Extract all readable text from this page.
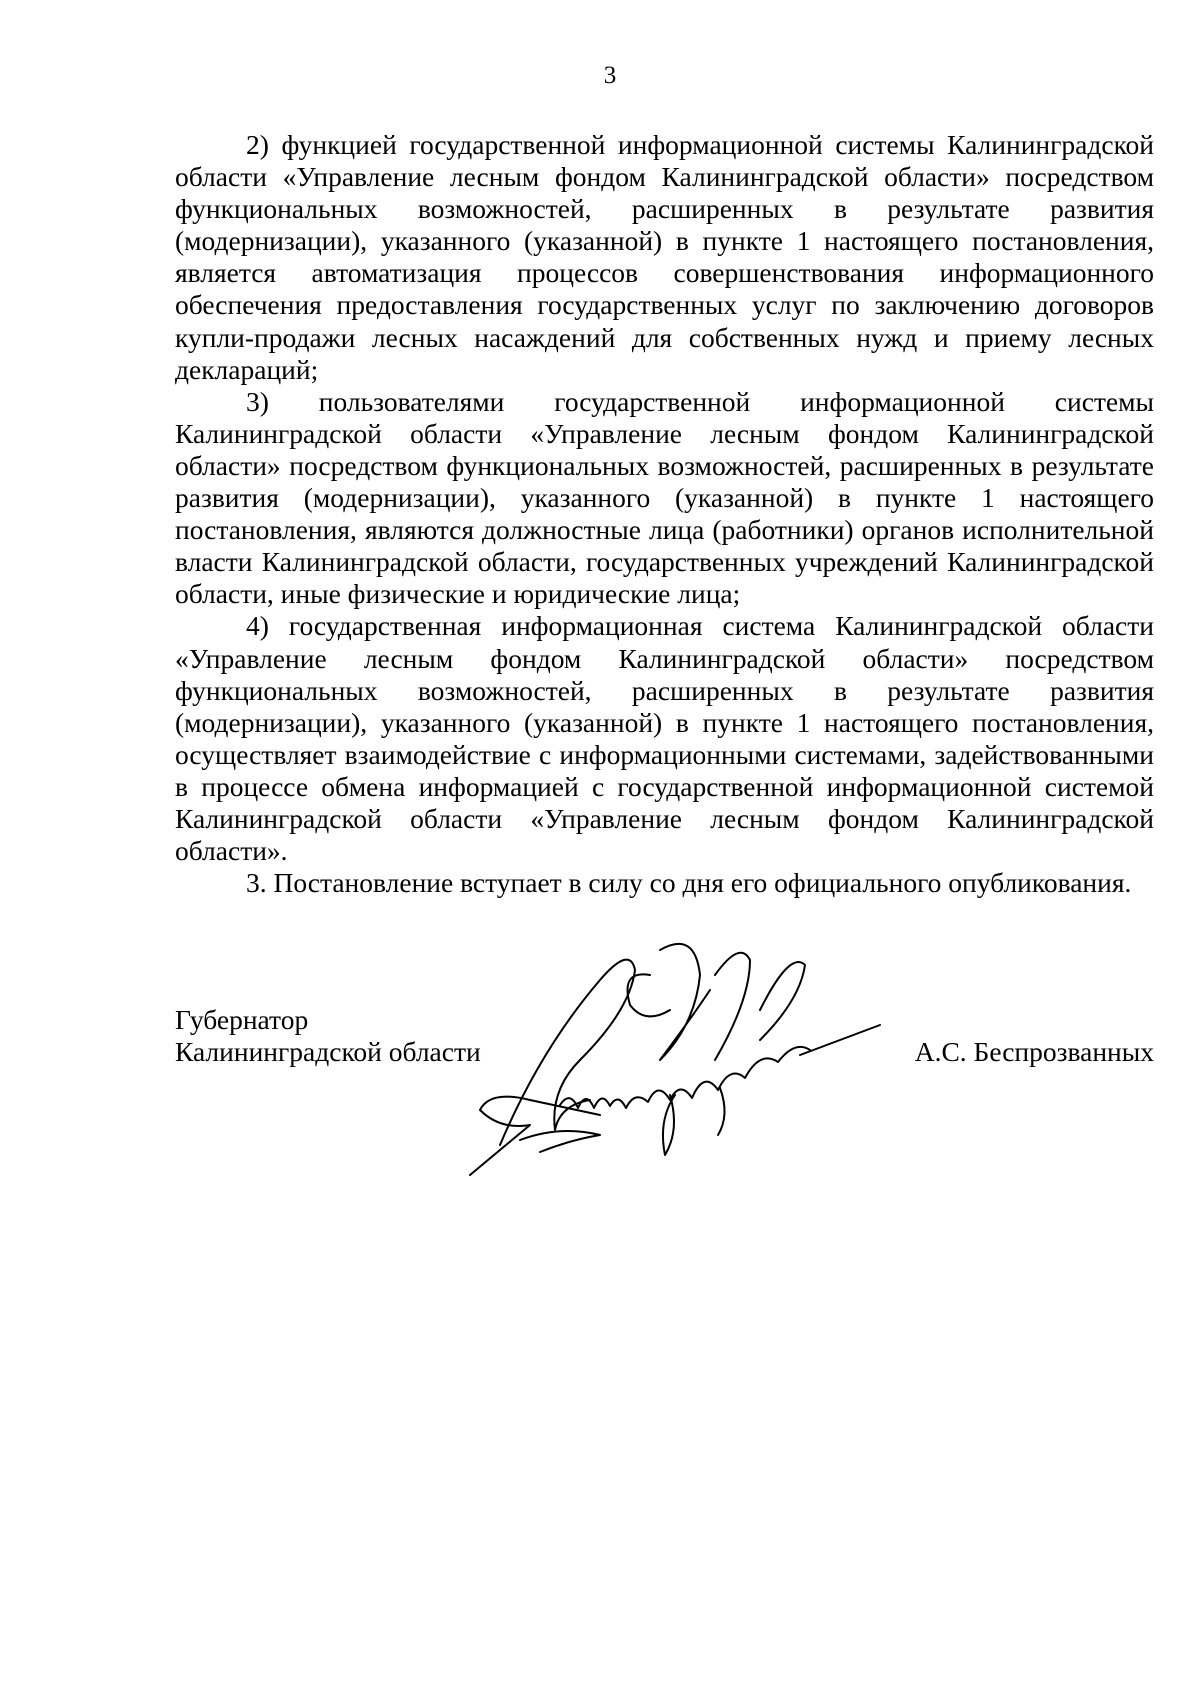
3

2) функцией государственной информационной системы Калининградской области «Управление лесным фондом Калининградской области» посредством функциональных возможностей, расширенных в результате развития (модернизации), указанного (указанной) в пункте 1 настоящего постановления, является автоматизация процессов совершенствования информационного обеспечения предоставления государственных услуг по заключению договоров купли-продажи лесных насаждений для собственных нужд и приему лесных деклараций;

3) пользователями государственной информационной системы Калининградской области «Управление лесным фондом Калининградской области» посредством функциональных возможностей, расширенных в результате развития (модернизации), указанного (указанной) в пункте 1 настоящего постановления, являются должностные лица (работники) органов исполнительной власти Калининградской области, государственных учреждений Калининградской области, иные физические и юридические лица;

4) государственная информационная система Калининградской области «Управление лесным фондом Калининградской области» посредством функциональных возможностей, расширенных в результате развития (модернизации), указанного (указанной) в пункте 1 настоящего постановления, осуществляет взаимодействие с информационными системами, задействованными в процессе обмена информацией с государственной информационной системой Калининградской области «Управление лесным фондом Калининградской области».

3. Постановление вступает в силу со дня его официального опубликования.

Губернатор
Калининградской области	А.С. Беспрозванных
